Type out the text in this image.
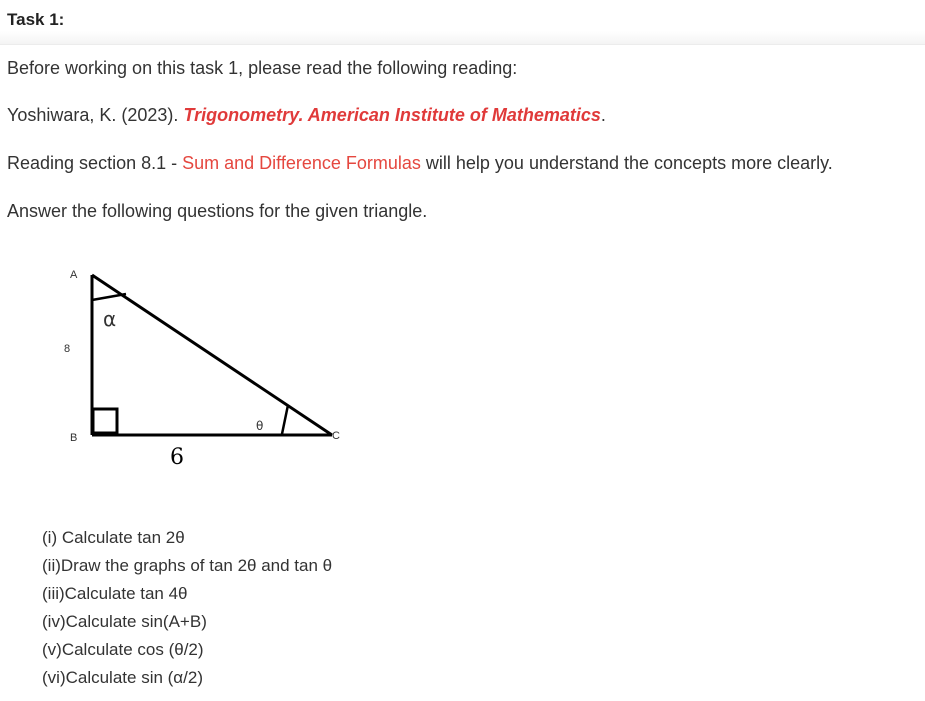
Task 1:
Before working on this task 1, please read the following reading:
Yoshiwara, K. (2023). Trigonometry. American Institute of Mathematics.
Reading section 8.1 - Sum and Difference Formulas will help you understand the concepts more clearly.
Answer the following questions for the given triangle.
A
B	C
8
6
α
θ
(i) Calculate tan 2θ
(ii)Draw the graphs of tan 2θ and tan θ
(iii)Calculate tan 4θ
(iv)Calculate sin(A+B)
(v)Calculate cos (θ/2)
(vi)Calculate sin (α/2)
